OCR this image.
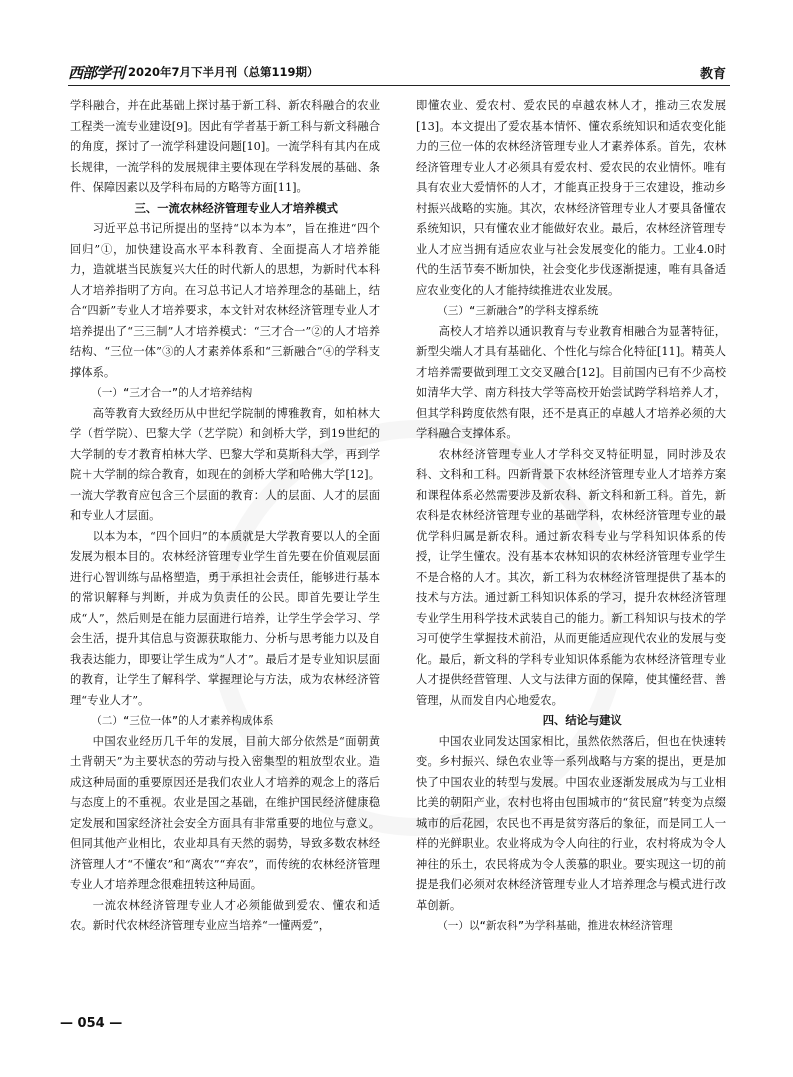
西部学刊 2020年7月下半月刊（总第119期）	教育

学科融合，并在此基础上探讨基于新工科、新农科融合的农业工程类一流专业建设[9]。因此有学者基于新工科与新文科融合的角度，探讨了一流学科建设问题[10]。一流学科有其内在成长规律，一流学科的发展规律主要体现在学科发展的基础、条件、保障因素以及学科布局的方略等方面[11]。

三、一流农林经济管理专业人才培养模式

习近平总书记所提出的坚持“以本为本”，旨在推进“四个回归”①，加快建设高水平本科教育、全面提高人才培养能力，造就堪当民族复兴大任的时代新人的思想，为新时代本科人才培养指明了方向。在习总书记人才培养理念的基础上，结合“四新”专业人才培养要求，本文针对农林经济管理专业人才培养提出了“三三制”人才培养模式：“三才合一”②的人才培养结构、“三位一体”③的人才素养体系和“三新融合”④的学科支撑体系。

（一）“三才合一”的人才培养结构

高等教育大致经历从中世纪学院制的博雅教育，如柏林大学（哲学院）、巴黎大学（艺学院）和剑桥大学，到19世纪的大学制的专才教育柏林大学、巴黎大学和莫斯科大学，再到学院＋大学制的综合教育，如现在的剑桥大学和哈佛大学[12]。一流大学教育应包含三个层面的教育：人的层面、人才的层面和专业人才层面。

以本为本，“四个回归”的本质就是大学教育要以人的全面发展为根本目的。农林经济管理专业学生首先要在价值观层面进行心智训练与品格塑造，勇于承担社会责任，能够进行基本的常识解释与判断，并成为负责任的公民。即首先要让学生成“人”，然后则是在能力层面进行培养，让学生学会学习、学会生活，提升其信息与资源获取能力、分析与思考能力以及自我表达能力，即要让学生成为“人才”。最后才是专业知识层面的教育，让学生了解科学、掌握理论与方法，成为农林经济管理“专业人才”。

（二）“三位一体”的人才素养构成体系

中国农业经历几千年的发展，目前大部分依然是“面朝黄土背朝天”为主要状态的劳动与投入密集型的粗放型农业。造成这种局面的重要原因还是我们农业人才培养的观念上的落后与态度上的不重视。农业是国之基础，在维护国民经济健康稳定发展和国家经济社会安全方面具有非常重要的地位与意义。但同其他产业相比，农业却具有天然的弱势，导致多数农林经济管理人才“不懂农”和“离农”“弃农”，而传统的农林经济管理专业人才培养理念很难扭转这种局面。

一流农林经济管理专业人才必须能做到爱农、懂农和适农。新时代农林经济管理专业应当培养“一懂两爱”，

即懂农业、爱农村、爱农民的卓越农林人才，推动三农发展[13]。本文提出了爱农基本情怀、懂农系统知识和适农变化能力的三位一体的农林经济管理专业人才素养体系。首先，农林经济管理专业人才必须具有爱农村、爱农民的农业情怀。唯有具有农业大爱情怀的人才，才能真正投身于三农建设，推动乡村振兴战略的实施。其次，农林经济管理专业人才要具备懂农系统知识，只有懂农业才能做好农业。最后，农林经济管理专业人才应当拥有适应农业与社会发展变化的能力。工业4.0时代的生活节奏不断加快，社会变化步伐逐渐提速，唯有具备适应农业变化的人才能持续推进农业发展。

（三）“三新融合”的学科支撑系统

高校人才培养以通识教育与专业教育相融合为显著特征，新型尖端人才具有基础化、个性化与综合化特征[11]。精英人才培养需要做到理工文交叉融合[12]。目前国内已有不少高校如清华大学、南方科技大学等高校开始尝试跨学科培养人才，但其学科跨度依然有限，还不是真正的卓越人才培养必须的大学科融合支撑体系。

农林经济管理专业人才学科交叉特征明显，同时涉及农科、文科和工科。四新背景下农林经济管理专业人才培养方案和课程体系必然需要涉及新农科、新文科和新工科。首先，新农科是农林经济管理专业的基础学科，农林经济管理专业的最优学科归属是新农科。通过新农科专业与学科知识体系的传授，让学生懂农。没有基本农林知识的农林经济管理专业学生不是合格的人才。其次，新工科为农林经济管理提供了基本的技术与方法。通过新工科知识体系的学习，提升农林经济管理专业学生用科学技术武装自己的能力。新工科知识与技术的学习可使学生掌握技术前沿，从而更能适应现代农业的发展与变化。最后，新文科的学科专业知识体系能为农林经济管理专业人才提供经营管理、人文与法律方面的保障，使其懂经营、善管理，从而发自内心地爱农。

四、结论与建议

中国农业同发达国家相比，虽然依然落后，但也在快速转变。乡村振兴、绿色农业等一系列战略与方案的提出，更是加快了中国农业的转型与发展。中国农业逐渐发展成为与工业相比美的朝阳产业，农村也将由包围城市的“贫民窟”转变为点缀城市的后花园，农民也不再是贫穷落后的象征，而是同工人一样的光鲜职业。农业将成为令人向往的行业，农村将成为令人神往的乐土，农民将成为令人羡慕的职业。要实现这一切的前提是我们必须对农林经济管理专业人才培养理念与模式进行改革创新。

（一）以“新农科”为学科基础，推进农林经济管理

— 054 —
